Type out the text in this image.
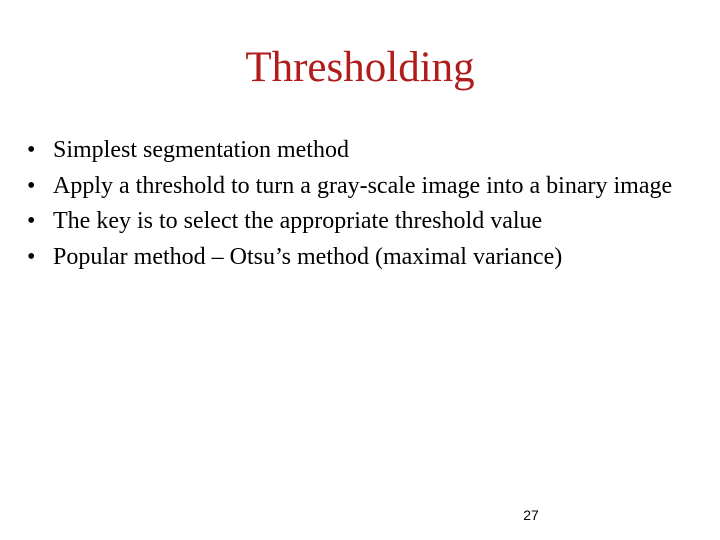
Thresholding
• Simplest segmentation method
• Apply a threshold to turn a gray-scale image into a binary image
• The key is to select the appropriate threshold value
• Popular method – Otsu’s method (maximal variance)
27
